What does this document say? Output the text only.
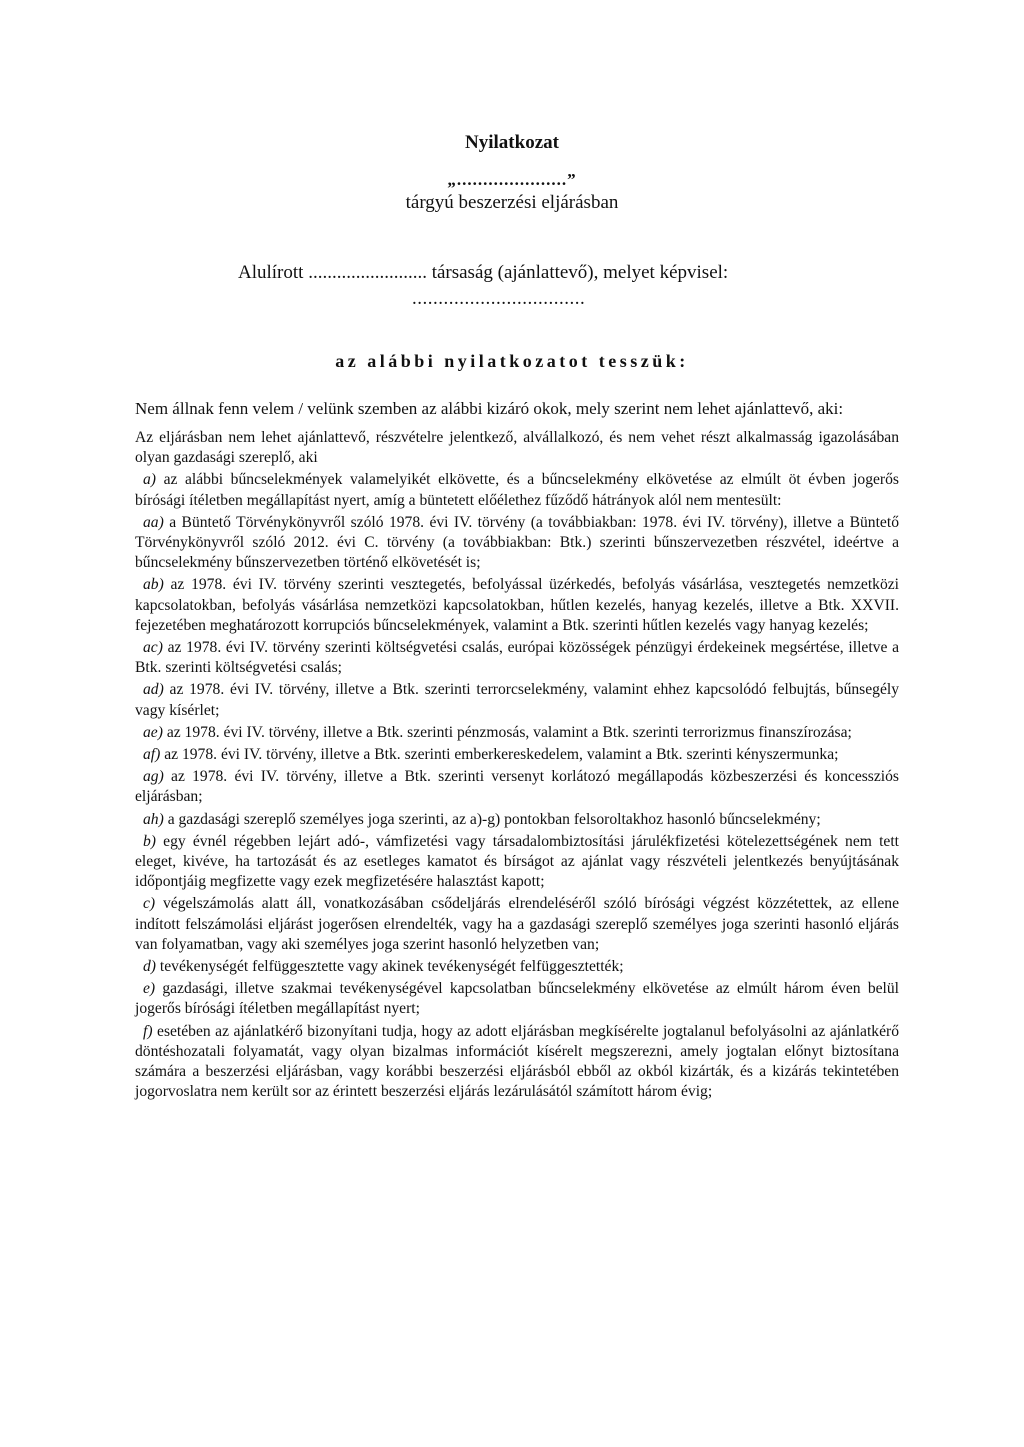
Nyilatkozat
„.....................”
tárgyú beszerzési eljárásban
Alulírott ......................... társaság (ajánlattevő), melyet képvisel:
.................................
az alábbi nyilatkozatot tesszük:

Nem állnak fenn velem / velünk szemben az alábbi kizáró okok, mely szerint nem lehet ajánlattevő, aki:

Az eljárásban nem lehet ajánlattevő, részvételre jelentkező, alvállalkozó, és nem vehet részt alkalmasság igazolásában olyan gazdasági szereplő, aki

a) az alábbi bűncselekmények valamelyikét elkövette, és a bűncselekmény elkövetése az elmúlt öt évben jogerős bírósági ítéletben megállapítást nyert, amíg a büntetett előélethez fűződő hátrányok alól nem mentesült:

aa) a Büntető Törvénykönyvről szóló 1978. évi IV. törvény (a továbbiakban: 1978. évi IV. törvény), illetve a Büntető Törvénykönyvről szóló 2012. évi C. törvény (a továbbiakban: Btk.) szerinti bűnszervezetben részvétel, ideértve a bűncselekmény bűnszervezetben történő elkövetését is;

ab) az 1978. évi IV. törvény szerinti vesztegetés, befolyással üzérkedés, befolyás vásárlása, vesztegetés nemzetközi kapcsolatokban, befolyás vásárlása nemzetközi kapcsolatokban, hűtlen kezelés, hanyag kezelés, illetve a Btk. XXVII. fejezetében meghatározott korrupciós bűncselekmények, valamint a Btk. szerinti hűtlen kezelés vagy hanyag kezelés;

ac) az 1978. évi IV. törvény szerinti költségvetési csalás, európai közösségek pénzügyi érdekeinek megsértése, illetve a Btk. szerinti költségvetési csalás;

ad) az 1978. évi IV. törvény, illetve a Btk. szerinti terrorcselekmény, valamint ehhez kapcsolódó felbujtás, bűnsegély vagy kísérlet;

ae) az 1978. évi IV. törvény, illetve a Btk. szerinti pénzmosás, valamint a Btk. szerinti terrorizmus finanszírozása;

af) az 1978. évi IV. törvény, illetve a Btk. szerinti emberkereskedelem, valamint a Btk. szerinti kényszermunka;

ag) az 1978. évi IV. törvény, illetve a Btk. szerinti versenyt korlátozó megállapodás közbeszerzési és koncessziós eljárásban;

ah) a gazdasági szereplő személyes joga szerinti, az a)-g) pontokban felsoroltakhoz hasonló bűncselekmény;

b) egy évnél régebben lejárt adó-, vámfizetési vagy társadalombiztosítási járulékfizetési kötelezettségének nem tett eleget, kivéve, ha tartozását és az esetleges kamatot és bírságot az ajánlat vagy részvételi jelentkezés benyújtásának időpontjáig megfizette vagy ezek megfizetésére halasztást kapott;

c) végelszámolás alatt áll, vonatkozásában csődeljárás elrendeléséről szóló bírósági végzést közzétettek, az ellene indított felszámolási eljárást jogerősen elrendelték, vagy ha a gazdasági szereplő személyes joga szerinti hasonló eljárás van folyamatban, vagy aki személyes joga szerint hasonló helyzetben van;

d) tevékenységét felfüggesztette vagy akinek tevékenységét felfüggesztették;

e) gazdasági, illetve szakmai tevékenységével kapcsolatban bűncselekmény elkövetése az elmúlt három éven belül jogerős bírósági ítéletben megállapítást nyert;

f) esetében az ajánlatkérő bizonyítani tudja, hogy az adott eljárásban megkísérelte jogtalanul befolyásolni az ajánlatkérő döntéshozatali folyamatát, vagy olyan bizalmas információt kísérelt megszerezni, amely jogtalan előnyt biztosítana számára a beszerzési eljárásban, vagy korábbi beszerzési eljárásból ebből az okból kizárták, és a kizárás tekintetében jogorvoslatra nem került sor az érintett beszerzési eljárás lezárulásától számított három évig;
